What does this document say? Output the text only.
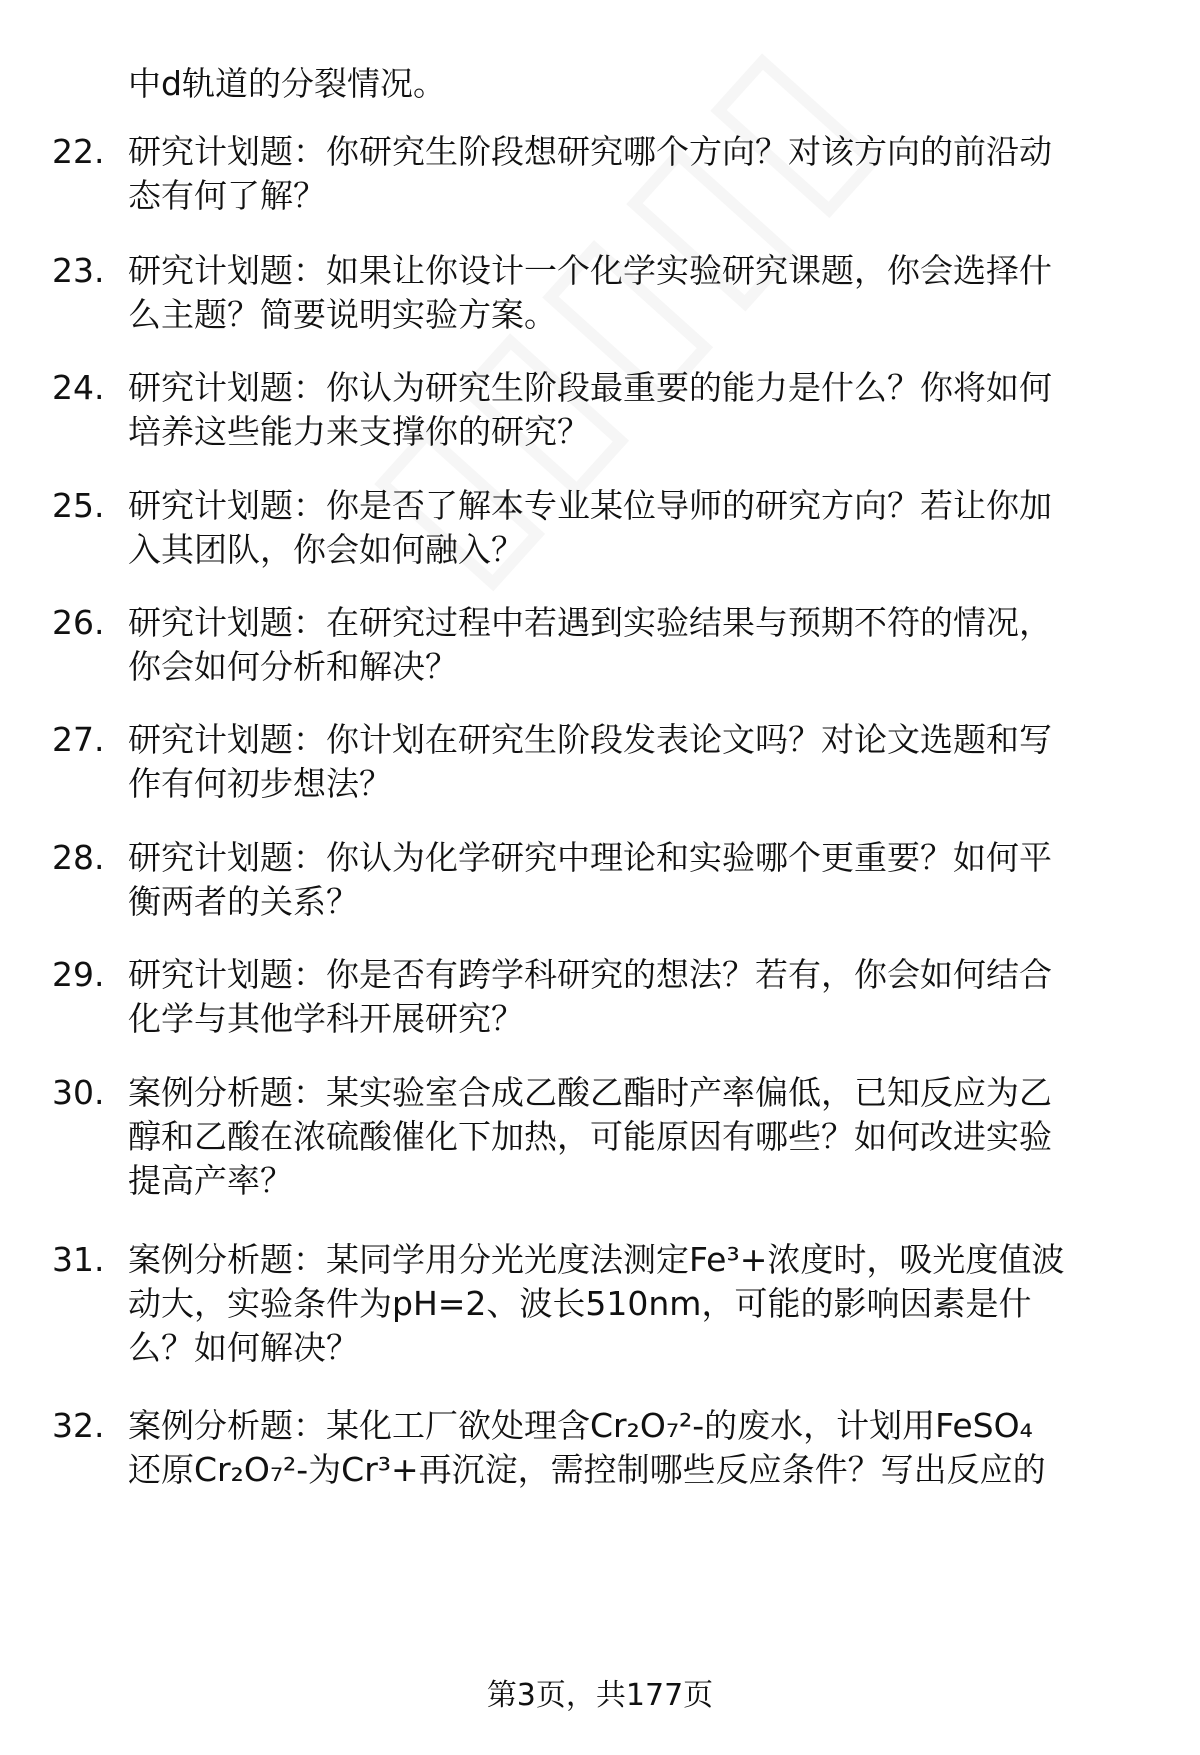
中d轨道的分裂情况。
22. 研究计划题：你研究生阶段想研究哪个方向？对该方向的前沿动
态有何了解？
23. 研究计划题：如果让你设计一个化学实验研究课题，你会选择什
么主题？简要说明实验方案。
24. 研究计划题：你认为研究生阶段最重要的能力是什么？你将如何
培养这些能力来支撑你的研究？
25. 研究计划题：你是否了解本专业某位导师的研究方向？若让你加
入其团队，你会如何融入？
26. 研究计划题：在研究过程中若遇到实验结果与预期不符的情况，
你会如何分析和解决？
27. 研究计划题：你计划在研究生阶段发表论文吗？对论文选题和写
作有何初步想法？
28. 研究计划题：你认为化学研究中理论和实验哪个更重要？如何平
衡两者的关系？
29. 研究计划题：你是否有跨学科研究的想法？若有，你会如何结合
化学与其他学科开展研究？
30. 案例分析题：某实验室合成乙酸乙酯时产率偏低，已知反应为乙
醇和乙酸在浓硫酸催化下加热，可能原因有哪些？如何改进实验
提高产率？
31. 案例分析题：某同学用分光光度法测定Fe³+浓度时，吸光度值波
动大，实验条件为pH=2、波长510nm，可能的影响因素是什
么？如何解决？
32. 案例分析题：某化工厂欲处理含Cr₂O₇²-的废水，计划用FeSO₄
还原Cr₂O₇²-为Cr³+再沉淀，需控制哪些反应条件？写出反应的
第3页，共177页
